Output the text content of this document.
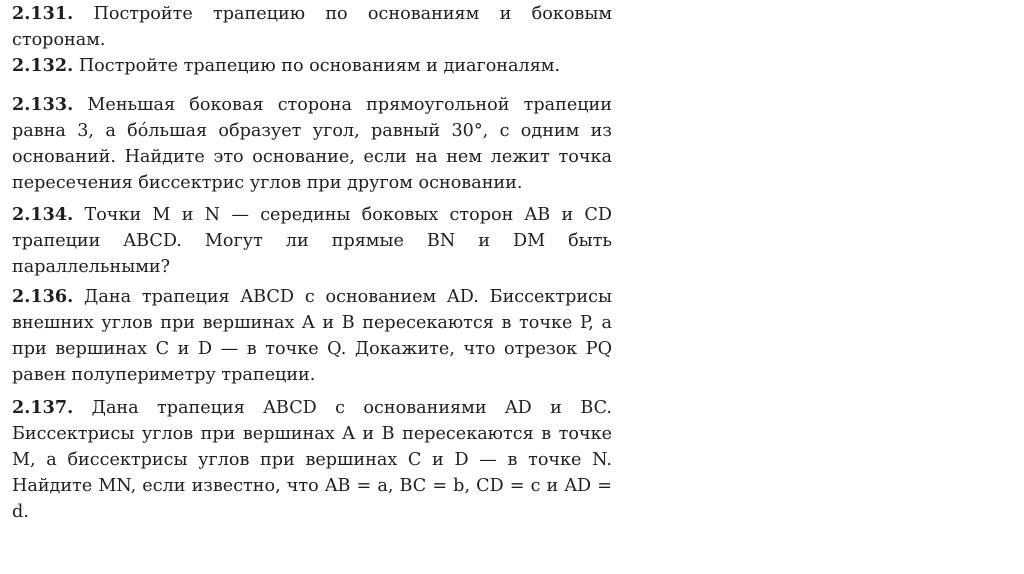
2.131. Постройте трапецию по основаниям и боковым сторонам.

2.132. Постройте трапецию по основаниям и диагоналям.

2.133. Меньшая боковая сторона прямоугольной трапеции равна 3, а бóльшая образует угол, равный 30°, с одним из оснований. Найдите это основание, если на нем лежит точка пересечения биссектрис углов при другом основании.

2.134. Точки M и N — середины боковых сторон AB и CD трапеции ABCD. Могут ли прямые BN и DM быть параллельными?

2.136. Дана трапеция ABCD с основанием AD. Биссектрисы внешних углов при вершинах A и B пересекаются в точке P, а при вершинах C и D — в точке Q. Докажите, что отрезок PQ равен полупериметру трапеции.

2.137. Дана трапеция ABCD с основаниями AD и BC. Биссектрисы углов при вершинах A и B пересекаются в точке M, а биссектрисы углов при вершинах C и D — в точке N. Найдите MN, если известно, что AB = a, BC = b, CD = c и AD = d.
